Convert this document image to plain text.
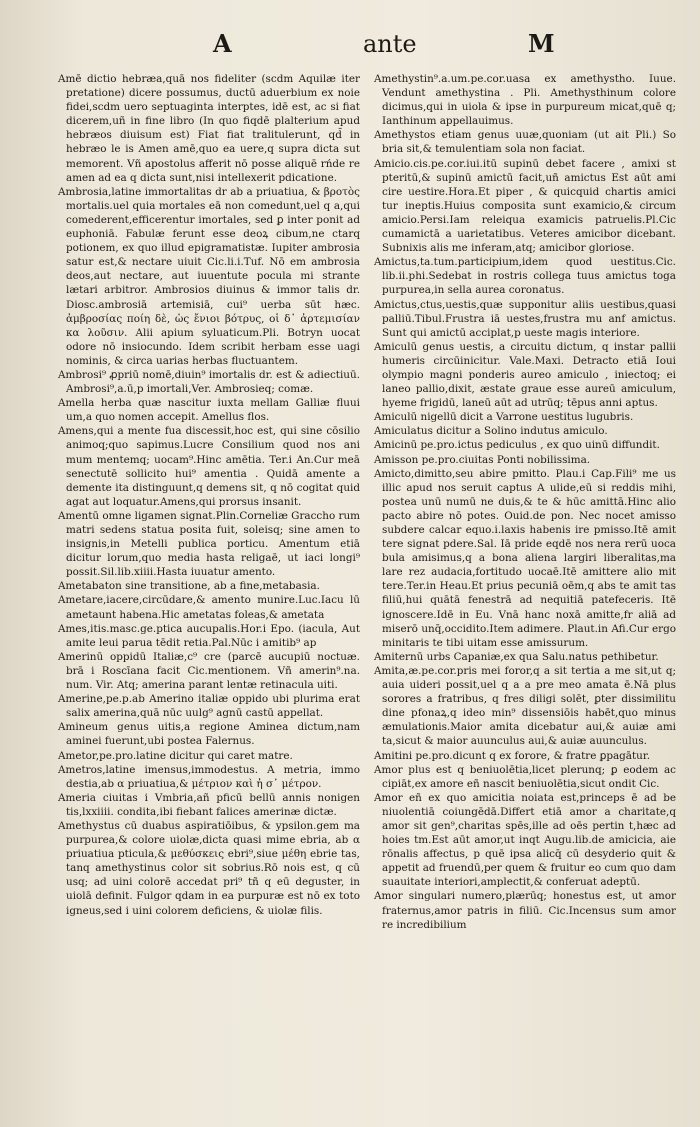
A	ante	M

Amē dictio hebræa,quā nos fideliter (scdm Aquilæ iter pretatione) dicere possumus, ductū aduerbium ex noie fidei,scdm uero septuaginta interptes, idē est, ac si fiat dicerem,uñ in fine libro (In quo fiqdē plalterium apud hebræos diuisum est) Fiat fiat tralitulerunt, qd̄ in hebræo le is Amen amē,quo ea uere,q supra dicta sut memorent. Vñ apostolus afferit nō posse aliquē rńde re amen ad ea q dicta sunt,nisi intellexerit pdicatione.

Ambrosia,latine immortalitas dr ab a priuatiua, & βροτὸς mortalis.uel quia mortales eā non comedunt,uel q a,qui comederent,efficerentur imortales, sed ꝑ inter ponit ad euphoniā. Fabulæ ferunt esse deoꝝ cibum,ne ctarq potionem, ex quo illud epigramatistæ. Iupiter ambrosia satur est,& nectare uiuit Cic.li.i.Tuf. Nō em ambrosia deos,aut nectare, aut iuuentute pocula mi strante lætari arbitror. Ambrosios diuinus & immor talis dr. Diosc.ambrosiā artemisiā, cui⁹ uerba sūt hæc. ἀμβροσίας ποίη δὲ, ὡς ἔνιοι βότρυς, οἱ δ᾽ ἀρτεμισίαν κα λοῦσιν. Alii apium syluaticum.Pli. Botryn uocat odore nō insiocundo. Idem scribit herbam esse uagi nominis, & circa uarias herbas fluctuantem.

Ambrosi⁹ ꝓpriū nomē,diuin⁹ imortalis dr. est & adiectiuū. Ambrosi⁹,a.ū,p imortali,Ver. Ambrosieq; comæ.

Amella herba quæ nascitur iuxta mellam Galliæ fluui um,a quo nomen accepit. Amellus flos.

Amens,qui a mente fua discessit,hoc est, qui sine cōsilio animoq;quo sapimus.Lucre Consilium quod nos ani mum mentemq; uocam⁹.Hinc amētia. Ter.i An.Cur meā senectutē sollicito hui⁹ amentia . Quidā amente a demente ita distinguunt,q demens sit, q nō cogitat quid agat aut loquatur.Amens,qui prorsus insanit.

Amentū omne ligamen signat.Plin.Corneliæ Graccho rum matri sedens statua posita fuit, soleisq; sine amen to insignis,in Metelli publica porticu. Amentum etiā dicitur lorum,quo media hasta religaē, ut iaci longi⁹ possit.Sil.lib.xiiii.Hasta iuuatur amento.

Ametabaton sine transitione, ab a fine,metabasia.

Ametare,iacere,circūdare,& amento munire.Luc.Iacu lū ametaunt habena.Hic ametatas foleas,& ametata

Ames,itis.masc.ge.ptica aucupalis.Hor.i Epo. (iacula, Aut amite leui parua tēdit retia.Pal.Nūc i amitib⁹ ap

Amerinū oppidū Italiæ,c⁹ cre (parcē aucupiū noctuæ. brā i Roscīana facit Cic.mentionem. Vñ amerin⁹.na. num. Vir. Atq; amerina parant lentæ retinacula uiti.

Amerine,pe.p.ab Amerino italiæ oppido ubi plurima erat salix amerina,quā nūc uulg⁹ agnū castū appellat.

Amineum genus uitis,a regione Aminea dictum,nam aminei fuerunt,ubi postea Falernus.

Ametor,pe.pro.latine dicitur qui caret matre.

Ametros,latine imensus,immodestus. A metria, immo destia,ab α priuatiua,& μέτριον καὶ ἡ σ᾽ μέτρον.

Ameria ciuitas i Vmbria,añ pficū bellū annis nonigen tis,lxxiiii. condita,ibi fiebant falices amerinæ dictæ.

Amethystus cū duabus aspiratiōibus, & ypsilon.gem ma purpurea,& colore uiolæ,dicta quasi mime ebria, ab α priuatiua pticula,& μεθύσκεις ebri⁹,siue μέθη ebrie tas, tanq amethystinus color sit sobrius.Rō nois est, q cū usq; ad uini colorē accedat pri⁹ tñ q eū deguster, in uiolā definit. Fulgor qdam in ea purpuræ est nō ex toto igneus,sed i uini colorem deficiens, & uiolæ filis.

Amethystin⁹.a.um.pe.cor.uasa ex amethystho. Iuue. Vendunt amethystina . Pli. Amethysthinum colore dicimus,qui in uiola & ipse in purpureum micat,quē q; Ianthinum appellauimus.

Amethystos etiam genus uuæ,quoniam (ut ait Pli.) So bria sit,& temulentiam sola non faciat.

Amicio.cis.pe.cor.iui.itū supinū debet facere , amixi st pteritū,& supinū amictū facit,uñ amictus Est aūt ami cire uestire.Hora.Et piper , & quicquid chartis amici tur ineptis.Huius composita sunt examicio,& circum amicio.Persi.Iam releiqua examicis patruelis.Pl.Cic cumamictā a uarietatibus. Veteres amicibor dicebant. Subnixis alis me inferam,atq; amicibor gloriose.

Amictus,ta.tum.participium,idem quod uestitus.Cic. lib.ii.phi.Sedebat in rostris collega tuus amictus toga purpurea,in sella aurea coronatus.

Amictus,ctus,uestis,quæ supponitur aliis uestibus,quasi palliū.Tibul.Frustra iā uestes,frustra mu anf amictus. Sunt qui amictū acciplat,p ueste magis interiore.

Amiculū genus uestis, a circuitu dictum, q instar pallii humeris circūinicitur. Vale.Maxi. Detracto etiā Ioui olympio magni ponderis aureo amiculo , iniectoq; ei laneo pallio,dixit, æstate graue esse aureū amiculum, hyeme frigidū, laneū aūt ad utrūq; tēpus anni aptus.

Amiculū nigellū dicit a Varrone uestitus lugubris.

Amiculatus dicitur a Solino indutus amiculo.

Amicinū pe.pro.ictus pediculus , ex quo uinū diffundit.

Amisson pe.pro.ciuitas Ponti nobilissima.

Amicto,dimitto,seu abire pmitto. Plau.i Cap.Fili⁹ me us illic apud nos seruit captus A ulide,eū si reddis mihi, postea unū numū ne duis,& te & hūc amittā.Hinc alio pacto abire nō potes. Ouid.de pon. Nec nocet amisso subdere calcar equo.i.laxis habenis ire pmisso.Itē amit tere signat pdere.Sal. Iā pride eqdē nos nera rerū uoca bula amisimus,q a bona aliena largiri liberalitas,ma lare rez audacia,fortitudo uocaē.Itē amittere alio mit tere.Ter.in Heau.Et prius pecuniā oēm,q abs te amit tas filiū,hui quātā fenestrā ad nequitiā patefeceris. Itē ignoscere.Idē in Eu. Vnā hanc noxā amitte,fr aliā ad miserō unq̄,occidito.Item adimere. Plaut.in Afi.Cur ergo minitaris te tibi uitam esse amissurum.

Amiternū urbs Capaniæ,ex qua Salu.natus pethibetur.

Amita,æ.pe.cor.pris mei foror,q a sit tertia a me sit,ut q; auia uideri possit,uel q a a pre meo amata ē.Nā plus sorores a fratribus, q fres diligi solēt, ꝑter dissimilitu dine pfonaꝝ,q ideo min⁹ dissensiōis habēt,quo minus æmulationis.Maior amita dicebatur aui,& auiæ ami ta,sicut & maior auunculus aui,& auiæ auunculus.

Amitini pe.pro.dicunt q ex forore, & fratre ꝑpagātur.

Amor plus est q beniuolētia,licet plerunq; ꝑ eodem ac cipiāt,ex amore eñ nascit beniuolētia,sicut ondit Cic.

Amor eñ ex quo amicitia noiata est,princeps ē ad be niuolentiā coiungēdā.Differt etiā amor a charitate,q amor sit gen⁹,charitas spēs,ille ad oēs pertin t,hæc ad hoies tm.Est aūt amor,ut inqt Augu.lib.de amicicia, aie rōnalis affectus, p quē ipsa alicq̄ cū desyderio quit & appetit ad fruendū,per quem & fruitur eo cum quo dam suauitate interiori,amplectit,& conferuat adeptū.

Amor singulari numero,plærūq; honestus est, ut amor fraternus,amor patris in filiū. Cic.Incensus sum amor re incredibilium
